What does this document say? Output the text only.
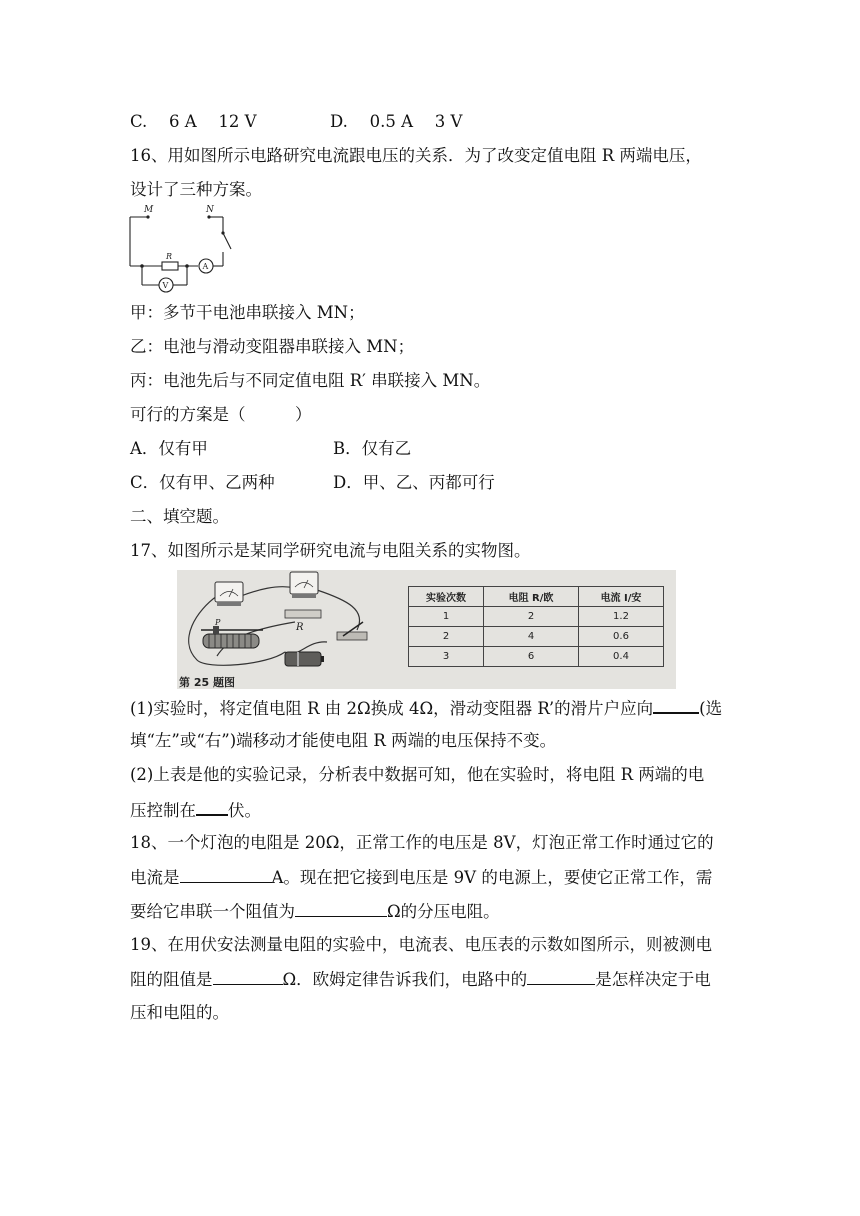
C.　 6 A　 12 V	D.　 0.5 A　 3 V
16、用如图所示电路研究电流跟电压的关系．为了改变定值电阻 R 两端电压，
设计了三种方案。
M	N
R
A
V
甲：多节干电池串联接入 MN；
乙：电池与滑动变阻器串联接入 MN；
丙：电池先后与不同定值电阻 R′ 串联接入 MN。
可行的方案是（　　　）
A．仅有甲	B．仅有乙
C．仅有甲、乙两种	D．甲、乙、丙都可行
二、填空题。
17、如图所示是某同学研究电流与电阻关系的实物图。
R
P
第 25 题图
实验次数	电阻 R/欧	电流 I/安
1	2	1.2
2	4	0.6
3	6	0.4
(1)实验时，将定值电阻 R 由 2Ω换成 4Ω，滑动变阻器 R’的滑片户应向	(选
填“左”或“右”)端移动才能使电阻 R 两端的电压保持不变。
(2)上表是他的实验记录，分析表中数据可知，他在实验时，将电阻 R 两端的电
压控制在 伏。
18、一个灯泡的电阻是 20Ω，正常工作的电压是 8V，灯泡正常工作时通过它的
电流是	A。现在把它接到电压是 9V 的电源上，要使它正常工作，需
要给它串联一个阻值为	Ω的分压电阻。
19、在用伏安法测量电阻的实验中，电流表、电压表的示数如图所示，则被测电
阻的阻值是	Ω．欧姆定律告诉我们，电路中的	是怎样决定于电
压和电阻的。
